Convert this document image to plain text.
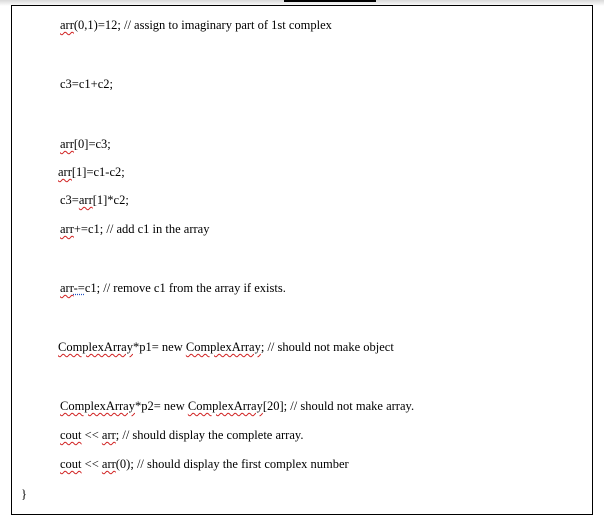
arr(0,1)=12; // assign to imaginary part of 1st complex
c3=c1+c2;
arr[0]=c3;
arr[1]=c1-c2;
c3=arr[1]*c2;
arr+=c1; // add c1 in the array
arr-=c1; // remove c1 from the array if exists.
ComplexArray*p1= new ComplexArray; // should not make object
ComplexArray*p2= new ComplexArray[20]; // should not make array.
cout << arr; // should display the complete array.
cout << arr(0); // should display the first complex number
}
